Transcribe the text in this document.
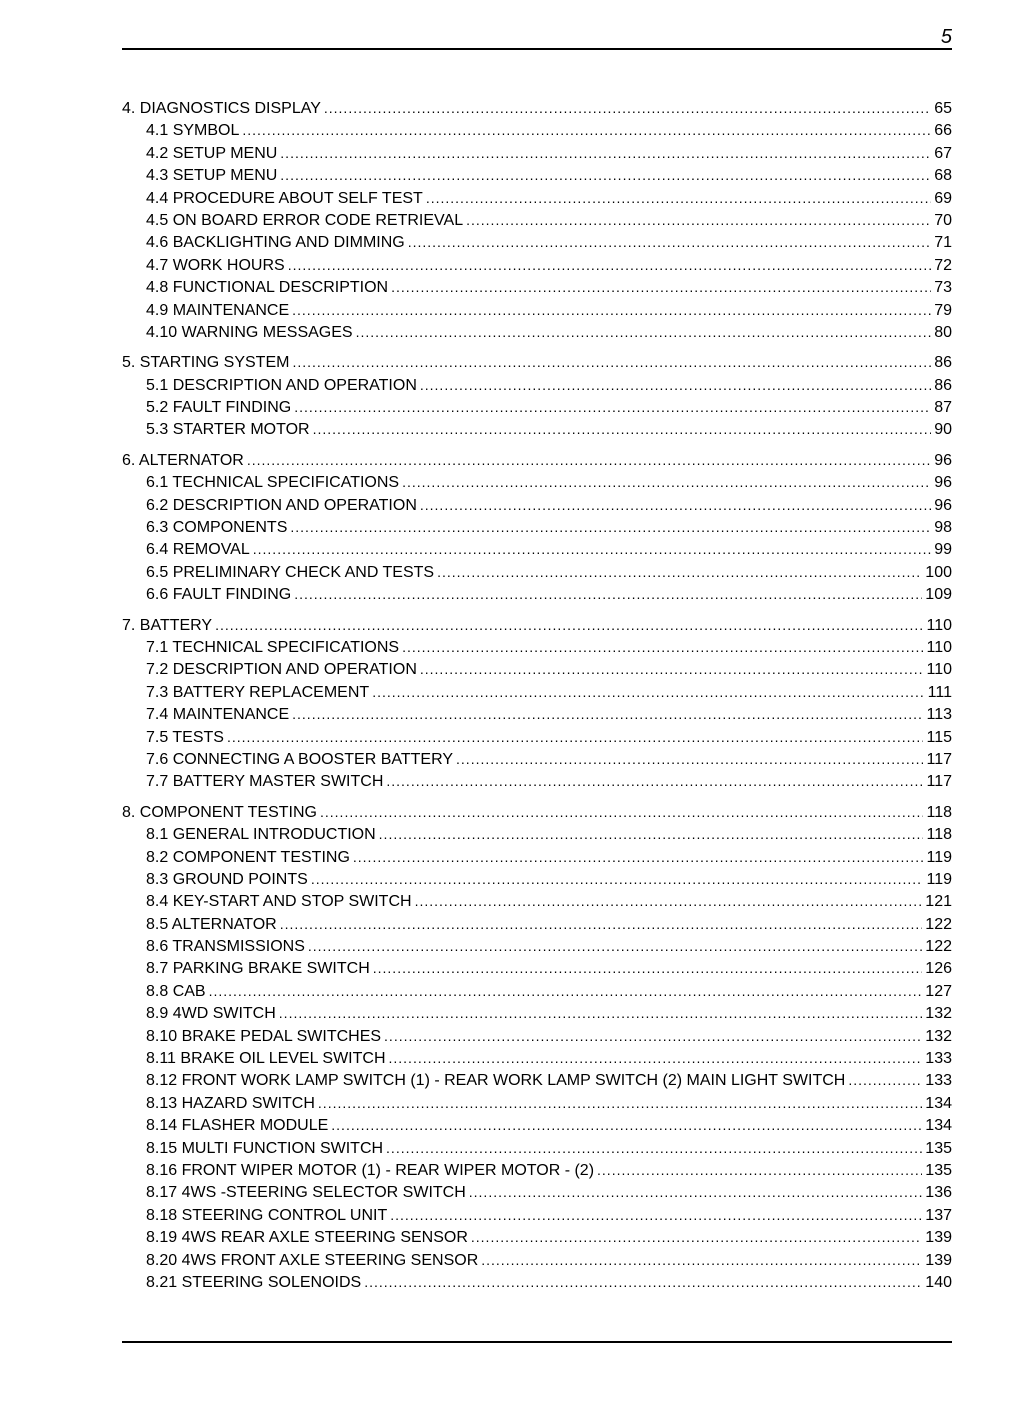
5
4. DIAGNOSTICS DISPLAY .....	65
4.1 SYMBOL .....	66
4.2 SETUP MENU .....	67
4.3 SETUP MENU .....	68
4.4 PROCEDURE ABOUT SELF TEST .....	69
4.5 ON BOARD ERROR CODE RETRIEVAL .....	70
4.6 BACKLIGHTING AND DIMMING .....	71
4.7 WORK HOURS .....	72
4.8 FUNCTIONAL DESCRIPTION .....	73
4.9 MAINTENANCE .....	79
4.10 WARNING MESSAGES .....	80
5. STARTING SYSTEM .....	86
5.1 DESCRIPTION AND OPERATION .....	86
5.2 FAULT FINDING .....	87
5.3 STARTER MOTOR .....	90
6. ALTERNATOR .....	96
6.1 TECHNICAL SPECIFICATIONS .....	96
6.2 DESCRIPTION AND OPERATION .....	96
6.3 COMPONENTS .....	98
6.4 REMOVAL .....	99
6.5 PRELIMINARY CHECK AND TESTS .....	100
6.6 FAULT FINDING .....	109
7. BATTERY .....	110
7.1 TECHNICAL SPECIFICATIONS .....	110
7.2 DESCRIPTION AND OPERATION .....	110
7.3 BATTERY REPLACEMENT .....	111
7.4 MAINTENANCE .....	113
7.5 TESTS .....	115
7.6 CONNECTING A BOOSTER BATTERY .....	117
7.7 BATTERY MASTER SWITCH .....	117
8. COMPONENT TESTING .....	118
8.1 GENERAL INTRODUCTION .....	118
8.2 COMPONENT TESTING .....	119
8.3 GROUND POINTS .....	119
8.4 KEY-START AND STOP SWITCH .....	121
8.5 ALTERNATOR .....	122
8.6 TRANSMISSIONS .....	122
8.7 PARKING BRAKE SWITCH .....	126
8.8 CAB .....	127
8.9 4WD SWITCH .....	132
8.10 BRAKE PEDAL SWITCHES .....	132
8.11 BRAKE OIL LEVEL SWITCH .....	133
8.12 FRONT WORK LAMP SWITCH (1) - REAR WORK LAMP SWITCH (2) MAIN LIGHT SWITCH .....	133
8.13 HAZARD SWITCH .....	134
8.14 FLASHER MODULE .....	134
8.15 MULTI FUNCTION SWITCH .....	135
8.16 FRONT WIPER MOTOR (1) - REAR WIPER MOTOR - (2) .....	135
8.17 4WS -STEERING SELECTOR SWITCH .....	136
8.18 STEERING CONTROL UNIT .....	137
8.19 4WS REAR AXLE STEERING SENSOR .....	139
8.20 4WS FRONT AXLE STEERING SENSOR .....	139
8.21 STEERING SOLENOIDS .....	140
